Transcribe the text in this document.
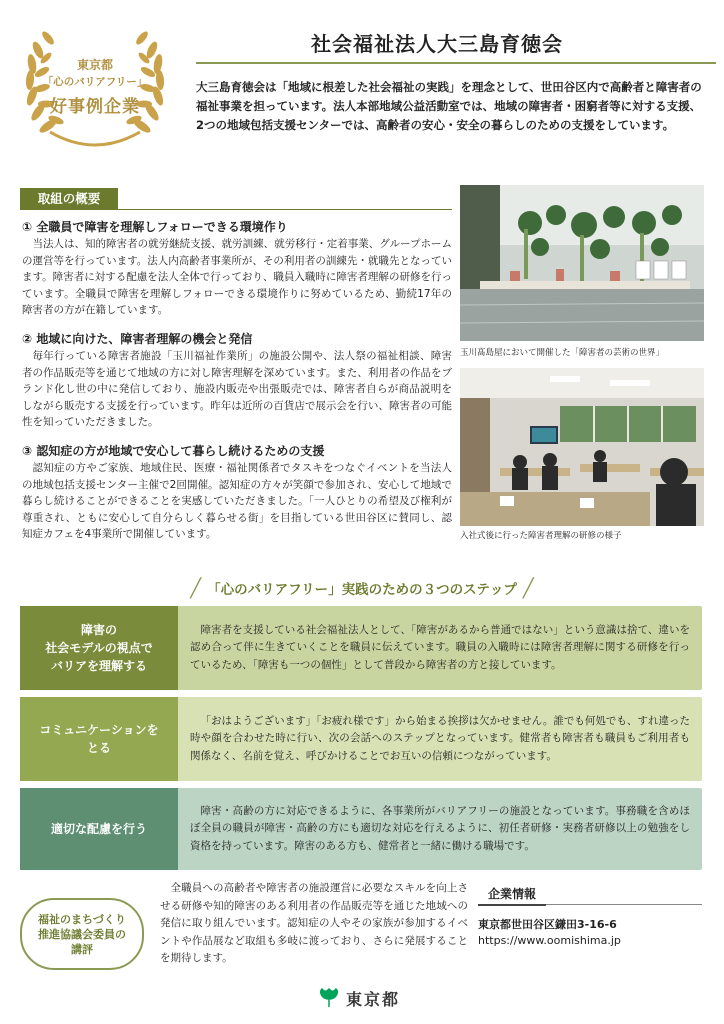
東京都
「心のバリアフリー」
好事例企業
社会福祉法人大三島育徳会
大三島育徳会は「地域に根差した社会福祉の実践」を理念として、世田谷区内で高齢者と障害者の福祉事業を担っています。法人本部地域公益活動室では、地域の障害者・困窮者等に対する支援、2つの地域包括支援センターでは、高齢者の安心・安全の暮らしのための支援をしています。
取組の概要
① 全職員で障害を理解しフォローできる環境作り
当法人は、知的障害者の就労継続支援、就労訓練、就労移行・定着事業、グループホームの運営等を行っています。法人内高齢者事業所が、その利用者の訓練先・就職先となっています。障害者に対する配慮を法人全体で行っており、職員入職時に障害者理解の研修を行っています。全職員で障害を理解しフォローできる環境作りに努めているため、勤続17年の障害者の方が在籍しています。
② 地域に向けた、障害者理解の機会と発信
毎年行っている障害者施設「玉川福祉作業所」の施設公開や、法人祭の福祉相談、障害者の作品販売等を通じて地域の方に対し障害理解を深めています。また、利用者の作品をブランド化し世の中に発信しており、施設内販売や出張販売では、障害者自らが商品説明をしながら販売する支援を行っています。昨年は近所の百貨店で展示会を行い、障害者の可能性を知っていただきました。
③ 認知症の方が地域で安心して暮らし続けるための支援
認知症の方やご家族、地域住民、医療・福祉関係者でタスキをつなぐイベントを当法人の地域包括支援センター主催で2回開催。認知症の方々が笑顔で参加され、安心して地域で暮らし続けることができることを実感していただきました。「一人ひとりの希望及び権利が尊重され、ともに安心して自分らしく暮らせる街」を目指している世田谷区に賛同し、認知症カフェを4事業所で開催しています。
玉川髙島屋において開催した「障害者の芸術の世界」
入社式後に行った障害者理解の研修の様子
╱ 「心のバリアフリー」実践のための３つのステップ ╱
障害の
社会モデルの視点で
バリアを理解する
障害者を支援している社会福祉法人として、「障害があるから普通ではない」という意識は捨て、違いを認め合って伴に生きていくことを職員に伝えています。職員の入職時には障害者理解に関する研修を行っているため、「障害も一つの個性」として普段から障害者の方と接しています。
コミュニケーションを
とる
「おはようございます」「お疲れ様です」から始まる挨拶は欠かせません。誰でも何処でも、すれ違った時や顔を合わせた時に行い、次の会話へのステップとなっています。健常者も障害者も職員もご利用者も関係なく、名前を覚え、呼びかけることでお互いの信頼につながっています。
適切な配慮を行う
障害・高齢の方に対応できるように、各事業所がバリアフリーの施設となっています。事務職を含めほぼ全員の職員が障害・高齢の方にも適切な対応を行えるように、初任者研修・実務者研修以上の勉強をし資格を持っています。障害のある方も、健常者と一緒に働ける職場です。
福祉のまちづくり
推進協議会委員の
講評
全職員への高齢者や障害者の施設運営に必要なスキルを向上させる研修や知的障害のある利用者の作品販売等を通じた地域への発信に取り組んでいます。認知症の人やその家族が参加するイベントや作品展など取組も多岐に渡っており、さらに発展することを期待します。
企業情報
東京都世田谷区鎌田3-16-6
https://www.oomishima.jp
東京都
